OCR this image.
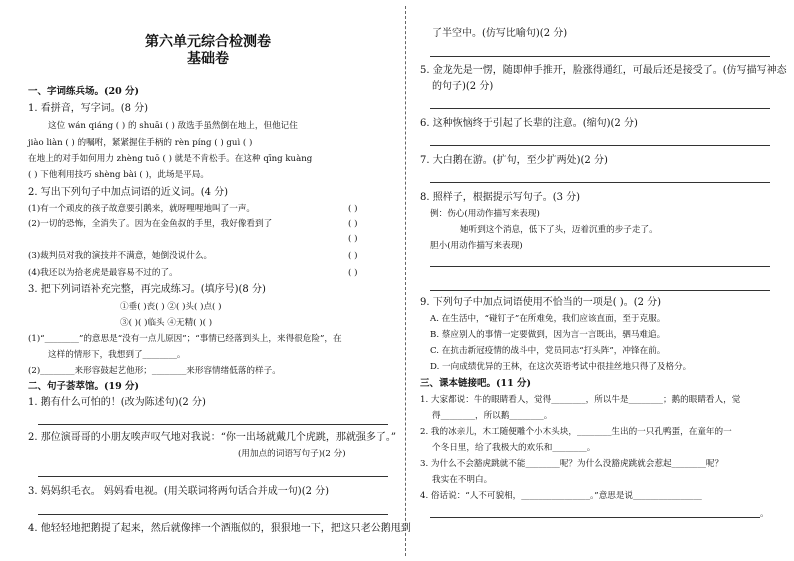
第六单元综合检测卷
基础卷
一、字词练兵场。(20 分)
1. 看拼音，写字词。(8 分)
这位 wán qiáng ( ) 的 shuāi ( ) 敌选手虽然倒在地上，但他记住
jiào liàn ( ) 的嘱咐，紧紧握住手柄的 rèn píng ( ) guì ( )
在地上的对手如何用力 zhèng tuō ( ) 就是不肯松手。在这种 qīng kuàng
( ) 下他利用技巧 shèng bài ( )，此场是平局。
2. 写出下列句子中加点词语的近义词。(4 分)
(1)有一个顽皮的孩子故意要引鹅来，就呀哩哩地叫了一声。	( )
(2)一切的恐怖，全消失了。因为在金鱼叔的手里，我好像看到了	( )
( )
(3)裁判员对我的演技并不满意，她倒没说什么。	( )
(4)我还以为拾老虎是最容易不过的了。	( )
3. 把下列词语补充完整，再完成练习。(填序号)(8 分)
①垂( )丧( ) ②( )头( )点( )
③( )( )临头 ④无精( )( )
(1)“________”的意思是“没有一点儿原因”；“事情已经落到头上，来得很危险”，在
这样的情形下，我想到了________。
(2)________来形容鼓起艺他形；________来形容情绪低落的样子。
二、句子荟萃馆。(19 分)
1. 鹅有什么可怕的！(改为陈述句)(2 分)
2. 那位演哥哥的小朋友唉声叹气地对我说：“你一出场就戴几个虎跳，那就强多了。”
(用加点的词语写句子)(2 分)
3. 妈妈织毛衣。 妈妈看电视。(用关联词将两句话合并成一句)(2 分)
4. 他轻轻地把鹅提了起来，然后就像摔一个酒瓶似的，狠狠地一下，把这只老公鹅甩到
了半空中。(仿写比喻句)(2 分)
5. 金龙先是一愣，随即伸手推开，脸涨得通红，可最后还是接受了。(仿写描写神态
的句子)(2 分)
6. 这种恢恼终于引起了长辈的注意。(缩句)(2 分)
7. 大白鹅在游。(扩句，至少扩两处)(2 分)
8. 照样子，根据提示写句子。(3 分)
例：伤心(用动作描写来表现)
她听到这个消息，低下了头，迈着沉重的步子走了。
胆小(用动作描写来表现)
9. 下列句子中加点词语使用不恰当的一项是( )。(2 分)
A. 在生活中，“碰钉子”在所难免，我们应该直面，至于克服。
B. 蔡应别人的事情一定要做到，因为言一言既出，驷马难追。
C. 在抗击新冠疫情的战斗中，党员同志“打头阵”，冲锋在前。
D. 一向成绩优异的王林，在这次英语考试中很挂丝地只得了及格分。
三、课本链接吧。(11 分)
1. 大家都说：牛的眼睛看人，觉得________，所以牛是________；鹅的眼睛看人，觉
得________，所以鹅________。
2. 我的冰亲儿，木工随便雕个小木头块，________生出的一只孔鸭蛋，在童年的一
个冬日里，给了我极大的欢乐和________。
3. 为什么不会豁虎跳就不能________呢？为什么没豁虎跳就会惹起________呢？
我实在不明白。
4. 俗话说：“人不可貌相，________________。”意思是说________________
。
